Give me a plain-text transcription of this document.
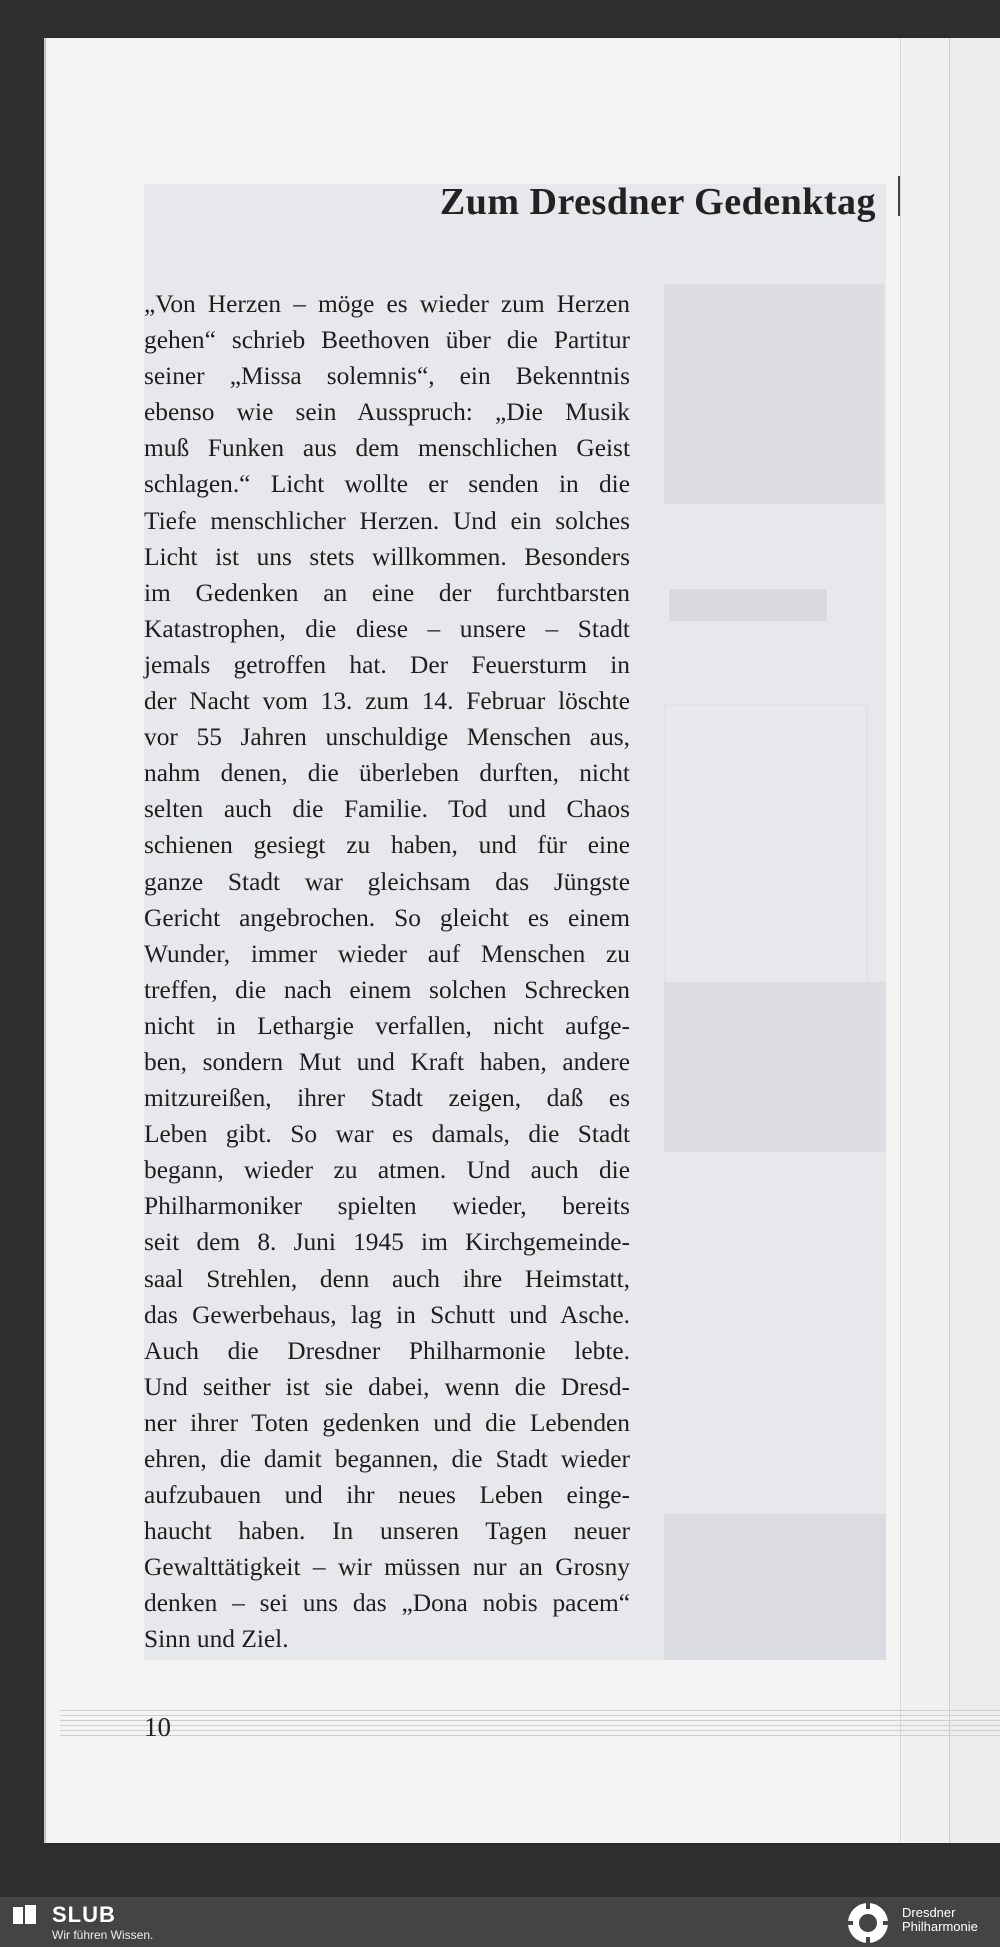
Zum Dresdner Gedenktag
„Von Herzen – möge es wieder zum Herzen
gehen“ schrieb Beethoven über die Partitur
seiner „Missa solemnis“, ein Bekenntnis
ebenso wie sein Ausspruch: „Die Musik
muß Funken aus dem menschlichen Geist
schlagen.“ Licht wollte er senden in die
Tiefe menschlicher Herzen. Und ein solches
Licht ist uns stets willkommen. Besonders
im Gedenken an eine der furchtbarsten
Katastrophen, die diese – unsere – Stadt
jemals getroffen hat. Der Feuersturm in
der Nacht vom 13. zum 14. Februar löschte
vor 55 Jahren unschuldige Menschen aus,
nahm denen, die überleben durften, nicht
selten auch die Familie. Tod und Chaos
schienen gesiegt zu haben, und für eine
ganze Stadt war gleichsam das Jüngste
Gericht angebrochen. So gleicht es einem
Wunder, immer wieder auf Menschen zu
treffen, die nach einem solchen Schrecken
nicht in Lethargie verfallen, nicht aufge-
ben, sondern Mut und Kraft haben, andere
mitzureißen, ihrer Stadt zeigen, daß es
Leben gibt. So war es damals, die Stadt
begann, wieder zu atmen. Und auch die
Philharmoniker spielten wieder, bereits
seit dem 8. Juni 1945 im Kirchgemeinde-
saal Strehlen, denn auch ihre Heimstatt,
das Gewerbehaus, lag in Schutt und Asche.
Auch die Dresdner Philharmonie lebte.
Und seither ist sie dabei, wenn die Dresd-
ner ihrer Toten gedenken und die Lebenden
ehren, die damit begannen, die Stadt wieder
aufzubauen und ihr neues Leben einge-
haucht haben. In unseren Tagen neuer
Gewalttätigkeit – wir müssen nur an Grosny
denken – sei uns das „Dona nobis pacem“
Sinn und Ziel.
10
SLUB
Wir führen Wissen.
Dresdner
Philharmonie
